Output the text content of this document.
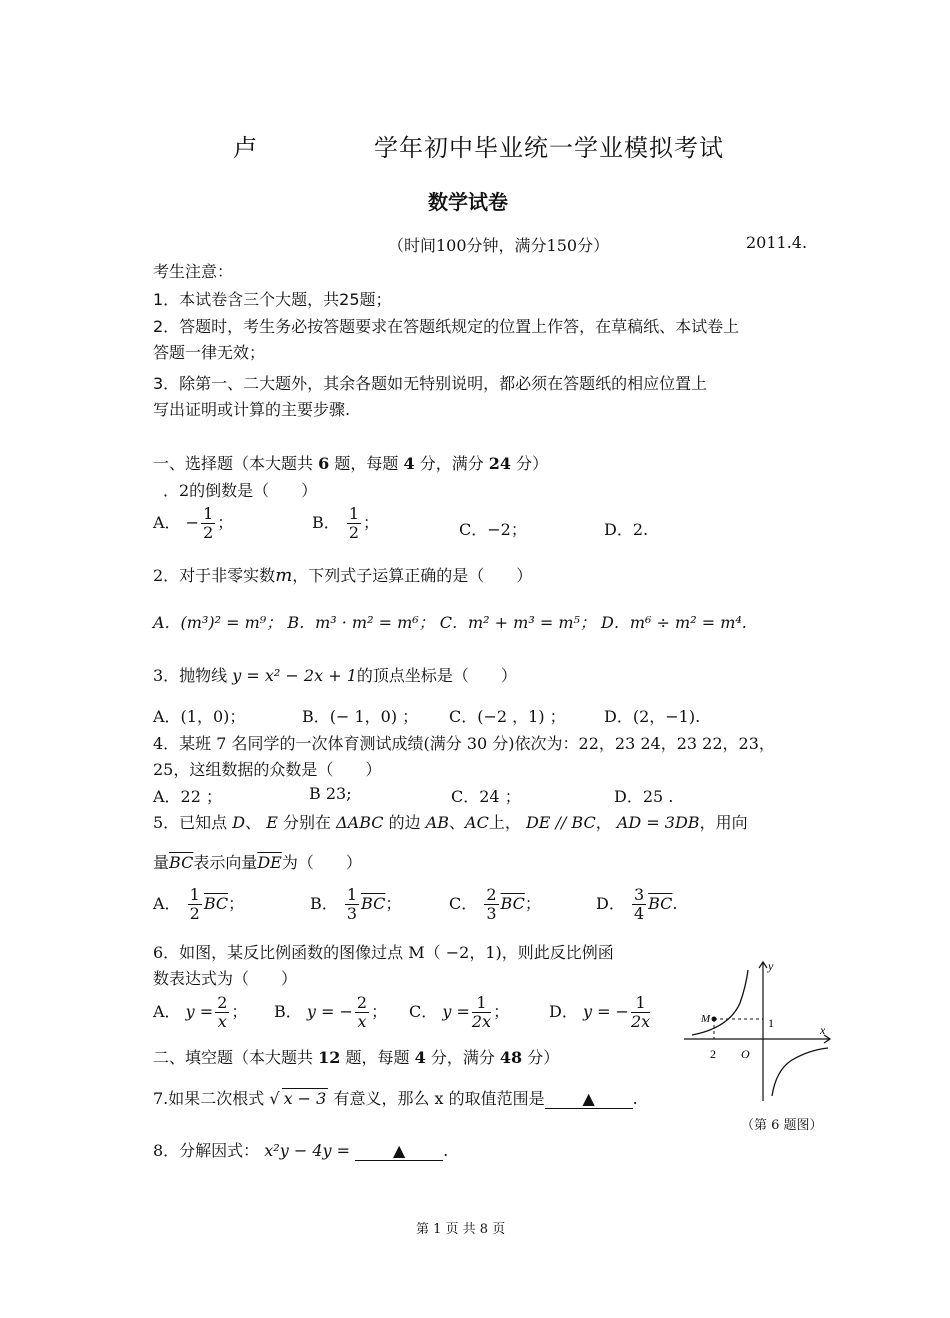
卢	学年初中毕业统一学业模拟考试
数学试卷
（时间100分钟，满分150分）	2011.4.
考生注意：
1．本试卷含三个大题，共25题；
2．答题时，考生务必按答题要求在答题纸规定的位置上作答，在草稿纸、本试卷上
答题一律无效；
3．除第一、二大题外，其余各题如无特别说明，都必须在答题纸的相应位置上
写出证明或计算的主要步骤.
一、选择题（本大题共 6 题，每题 4 分，满分 24 分）
．2的倒数是（　　）
A． − $\frac{1}{2}$ ；	B． $\frac{1}{2}$ ；	C．−2；	D．2.
2．对于非零实数m，下列式子运算正确的是（　　）
A．(m³)² = m⁹； B．m³ · m² = m⁶； C．m² + m³ = m⁵； D．m⁶ ÷ m² = m⁴.
3．抛物线 y = x² − 2x + 1的顶点坐标是（　　）
A．(1，0)；	B．(− 1，0) ； C．(−2 ，1) ； D．(2，−1).
4．某班 7 名同学的一次体育测试成绩(满分 30 分)依次为：22，23 24，23 22，23，
25，这组数据的众数是（　　）
A．22 ；	B 23;	C．24 ；	D．25 .
5．已知点 D、 E 分别在 ΔABC 的边 AB、AC上， DE // BC， AD = 3DB，用向
量$\overline{BC}$表示向量$\overline{DE}$为（　　）
A． $\frac{1}{2} \overline{BC}$；	B． $\frac{1}{3} \overline{BC}$；	C． $\frac{2}{3} \overline{BC}$；	D． $\frac{3}{4} \overline{BC}$.
6．如图，某反比例函数的图像过点 M（ −2，1)，则此反比例函
数表达式为（　　）
A． $y = \frac{2}{x}$ ； B． y = − $\frac{2}{x}$ ； C． $y = \frac{1}{2x}$ ； D． y = − $\frac{1}{2x}$
y
x
M	1
2 O
（第 6 题图）
二、填空题（本大题共 12 题，每题 4 分，满分 48 分）
7.如果二次根式 √ x − 3 有意义，那么 x 的取值范围是 ▲ .
8．分解因式： x²y − 4y =	▲ .
第 1 页 共 8 页
